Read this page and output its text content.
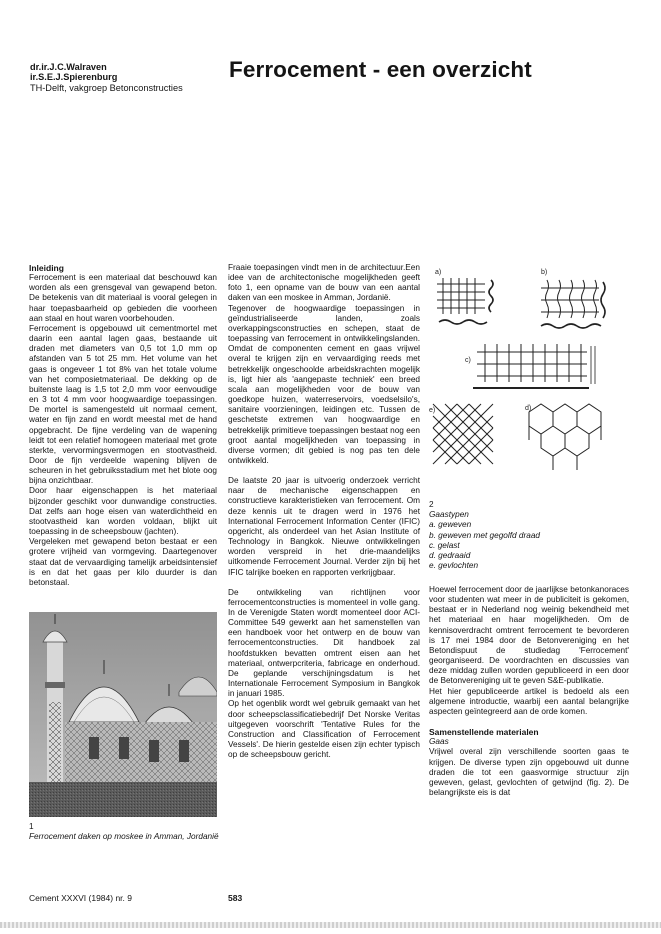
dr.ir.J.C.Walraven
ir.S.E.J.Spierenburg
TH-Delft, vakgroep Betonconstructies
Ferrocement - een overzicht
Inleiding

Ferrocement is een materiaal dat beschouwd kan worden als een grensgeval van gewapend beton. De betekenis van dit materiaal is vooral gelegen in haar toepasbaarheid op gebieden die voorheen aan staal en hout waren voorbehouden.

Ferrocement is opgebouwd uit cementmortel met daarin een aantal lagen gaas, bestaande uit draden met diameters van 0,5 tot 1,0 mm op afstanden van 5 tot 25 mm. Het volume van het gaas is ongeveer 1 tot 8% van het totale volume van het composietmateriaal. De dekking op de buitenste laag is 1,5 tot 2,0 mm voor eenvoudige en 3 tot 4 mm voor hoogwaardige toepassingen. De mortel is samengesteld uit normaal cement, water en fijn zand en wordt meestal met de hand opgebracht. De fijne verdeling van de wapening leidt tot een relatief homogeen materiaal met grote sterkte, vervormingsvermogen en stootvastheid. Door de fijn verdeelde wapening blijven de scheuren in het gebruiksstadium met het blote oog bijna onzichtbaar.

Door haar eigenschappen is het materiaal bijzonder geschikt voor dunwandige constructies. Dat zelfs aan hoge eisen van waterdichtheid en stootvastheid kan worden voldaan, blijkt uit toepassing in de scheepsbouw (jachten).

Vergeleken met gewapend beton bestaat er een grotere vrijheid van vormgeving. Daartegenover staat dat de vervaardiging tamelijk arbeidsintensief is en dat het gaas per kilo duurder is dan betonstaal.

1
Ferrocement daken op moskee in Amman, Jordanië

Fraaie toepasingen vindt men in de architectuur.Een idee van de architectonische mogelijkheden geeft foto 1, een opname van de bouw van een aantal daken van een moskee in Amman, Jordanië.

Tegenover de hoogwaardige toepassingen in geïndustrialiseerde landen, zoals overkappingsconstructies en schepen, staat de toepassing van ferrocement in ontwikkelingslanden. Omdat de componenten cement en gaas vrijwel overal te krijgen zijn en vervaardiging reeds met betrekkelijk ongeschoolde arbeidskrachten mogelijk is, ligt hier als 'aangepaste techniek' een breed scala aan mogelijkheden voor de bouw van goedkope huizen, waterreservoirs, voedselsilo's, sanitaire voorzieningen, leidingen etc. Tussen de geschetste extremen van hoogwaardige en betrekkelijk primitieve toepassingen bestaat nog een groot aantal mogelijkheden van toepassing in diverse vormen; dit gebied is nog pas ten dele ontwikkeld.

De laatste 20 jaar is uitvoerig onderzoek verricht naar de mechanische eigenschappen en constructieve karakteristieken van ferrocement. Om deze kennis uit te dragen werd in 1976 het International Ferrocement Information Center (IFIC) opgericht, als onderdeel van het Asian Institute of Technology in Bangkok. Nieuwe ontwikkelingen worden verspreid in het drie-maandelijks uitkomende Ferrocement Journal. Verder zijn bij het IFIC talrijke boeken en rapporten verkrijgbaar.

De ontwikkeling van richtlijnen voor ferrocementconstructies is momenteel in volle gang. In de Verenigde Staten wordt momenteel door ACI-Committee 549 gewerkt aan het samenstellen van een handboek voor het ontwerp en de bouw van ferrocementconstructies. Dit handboek zal hoofdstukken bevatten omtrent eisen aan het materiaal, ontwerpcriteria, fabricage en onderhoud. De geplande verschijningsdatum is het Internationale Ferrocement Symposium in Bangkok in januari 1985.

Op het ogenblik wordt wel gebruik gemaakt van het door scheepsclassificatiebedrijf Det Norske Veritas uitgegeven voorschrift 'Tentative Rules for the Construction and Classification of Ferrocement Vessels'. De hierin gestelde eisen zijn echter typisch op de scheepsbouw gericht.

a)	b)
c)
d)
e)
2
Gaastypen
a. geweven
b. geweven met gegolfd draad
c. gelast
d. gedraaid
e. gevlochten

Hoewel ferrocement door de jaarlijkse betonkanoraces voor studenten wat meer in de publiciteit is gekomen, bestaat er in Nederland nog weinig bekendheid met het materiaal en haar mogelijkheden. Om de kennisoverdracht omtrent ferrocement te bevorderen is 17 mei 1984 door de Betonvereniging en het Betondispuut de studiedag 'Ferrocement' georganiseerd. De voordrachten en discussies van deze middag zullen worden gepubliceerd in een door de Betonvereniging uit te geven S&E-publikatie.

Het hier gepubliceerde artikel is bedoeld als een algemene introductie, waarbij een aantal belangrijke aspecten geïntegreerd aan de orde komen.

Samenstellende materialen

Gaas

Vrijwel overal zijn verschillende soorten gaas te krijgen. De diverse typen zijn opgebouwd uit dunne draden die tot een gaasvormige structuur zijn geweven, gelast, gevlochten of getwijnd (fig. 2). De belangrijkste eis is dat

Cement XXXVI (1984) nr. 9	583
